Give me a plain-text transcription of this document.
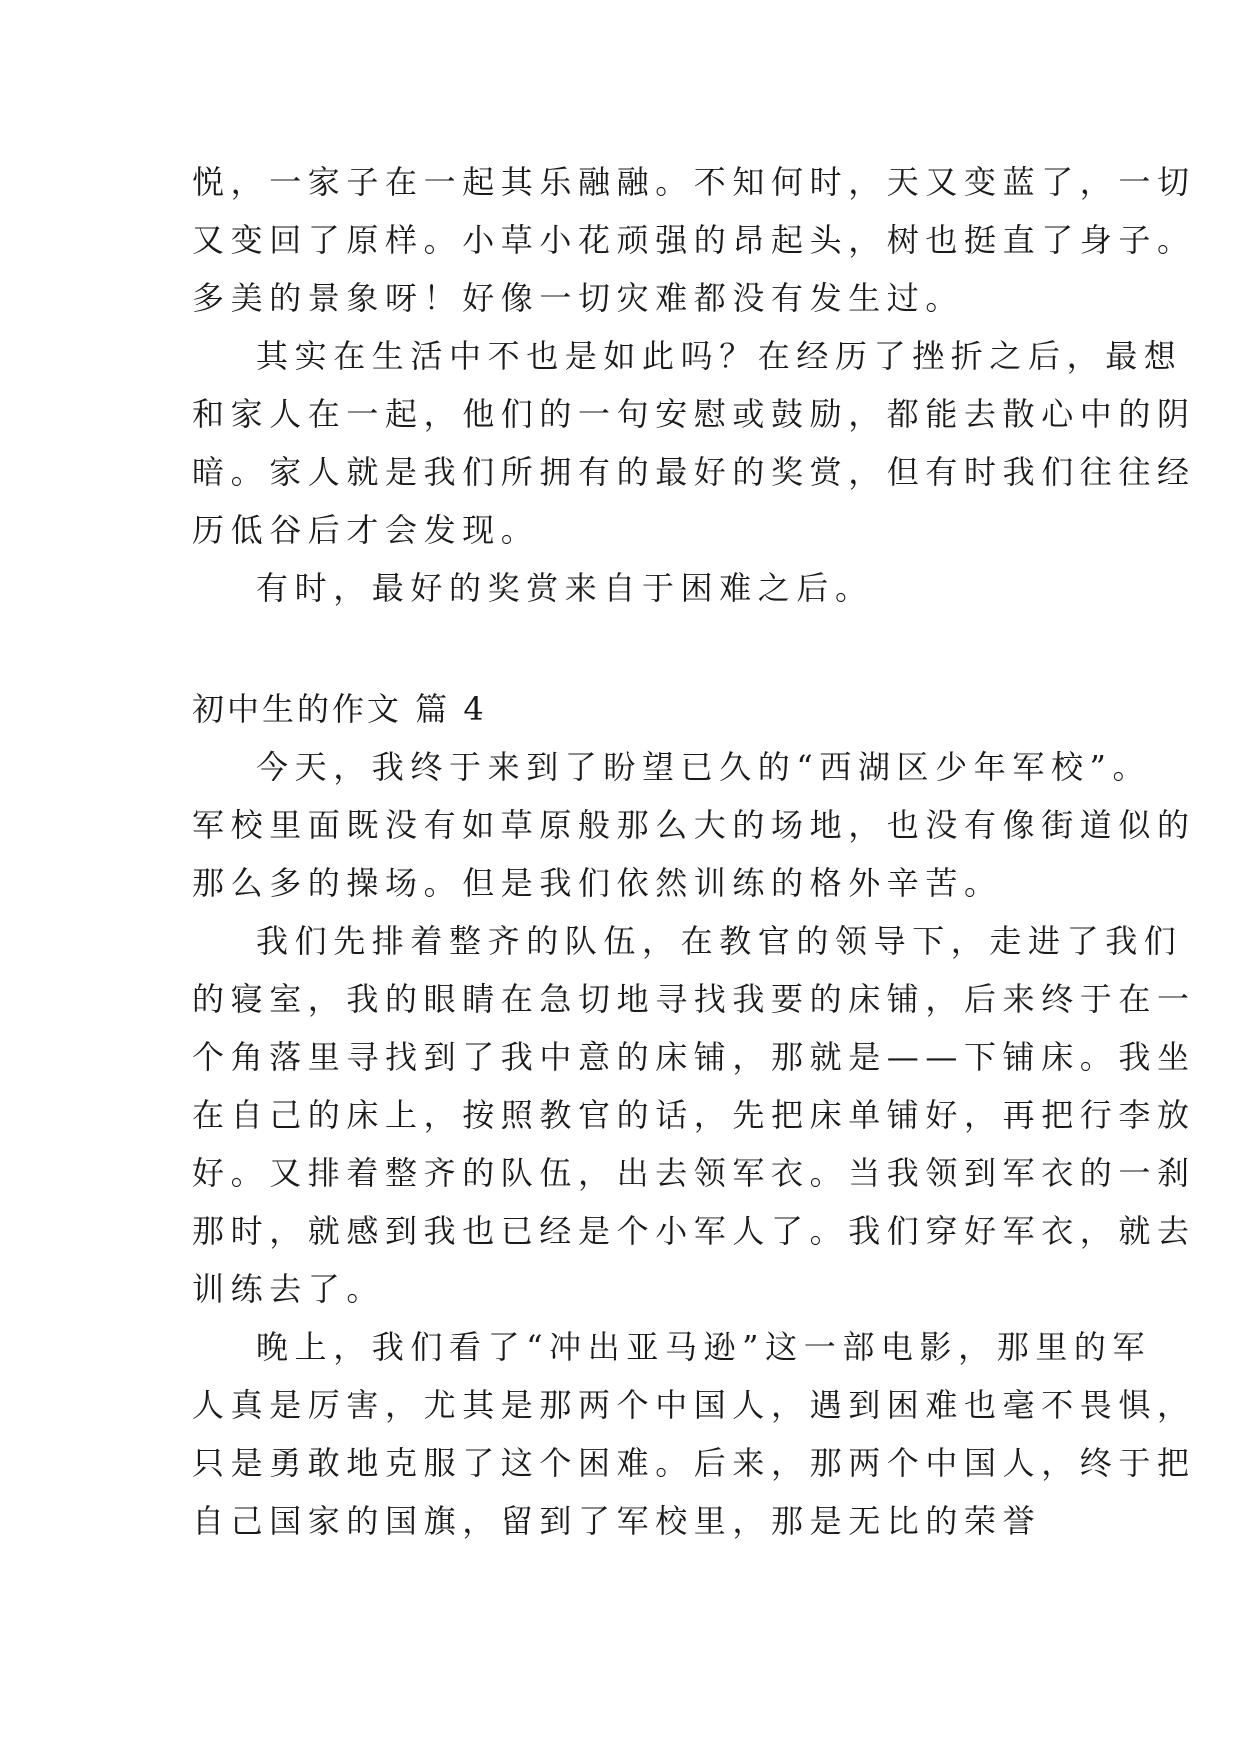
悦，一家子在一起其乐融融。不知何时，天又变蓝了，一切
又变回了原样。小草小花顽强的昂起头，树也挺直了身子。
多美的景象呀！好像一切灾难都没有发生过。
其实在生活中不也是如此吗？在经历了挫折之后，最想
和家人在一起，他们的一句安慰或鼓励，都能去散心中的阴
暗。家人就是我们所拥有的最好的奖赏，但有时我们往往经
历低谷后才会发现。
有时，最好的奖赏来自于困难之后。
初中生的作文 篇 4
今天，我终于来到了盼望已久的“西湖区少年军校”。
军校里面既没有如草原般那么大的场地，也没有像街道似的
那么多的操场。但是我们依然训练的格外辛苦。
我们先排着整齐的队伍，在教官的领导下，走进了我们
的寝室，我的眼睛在急切地寻找我要的床铺，后来终于在一
个角落里寻找到了我中意的床铺，那就是——下铺床。我坐
在自己的床上，按照教官的话，先把床单铺好，再把行李放
好。又排着整齐的队伍，出去领军衣。当我领到军衣的一刹
那时，就感到我也已经是个小军人了。我们穿好军衣，就去
训练去了。
晚上，我们看了“冲出亚马逊”这一部电影，那里的军
人真是厉害，尤其是那两个中国人，遇到困难也毫不畏惧，
只是勇敢地克服了这个困难。后来，那两个中国人，终于把
自己国家的国旗，留到了军校里，那是无比的荣誉
